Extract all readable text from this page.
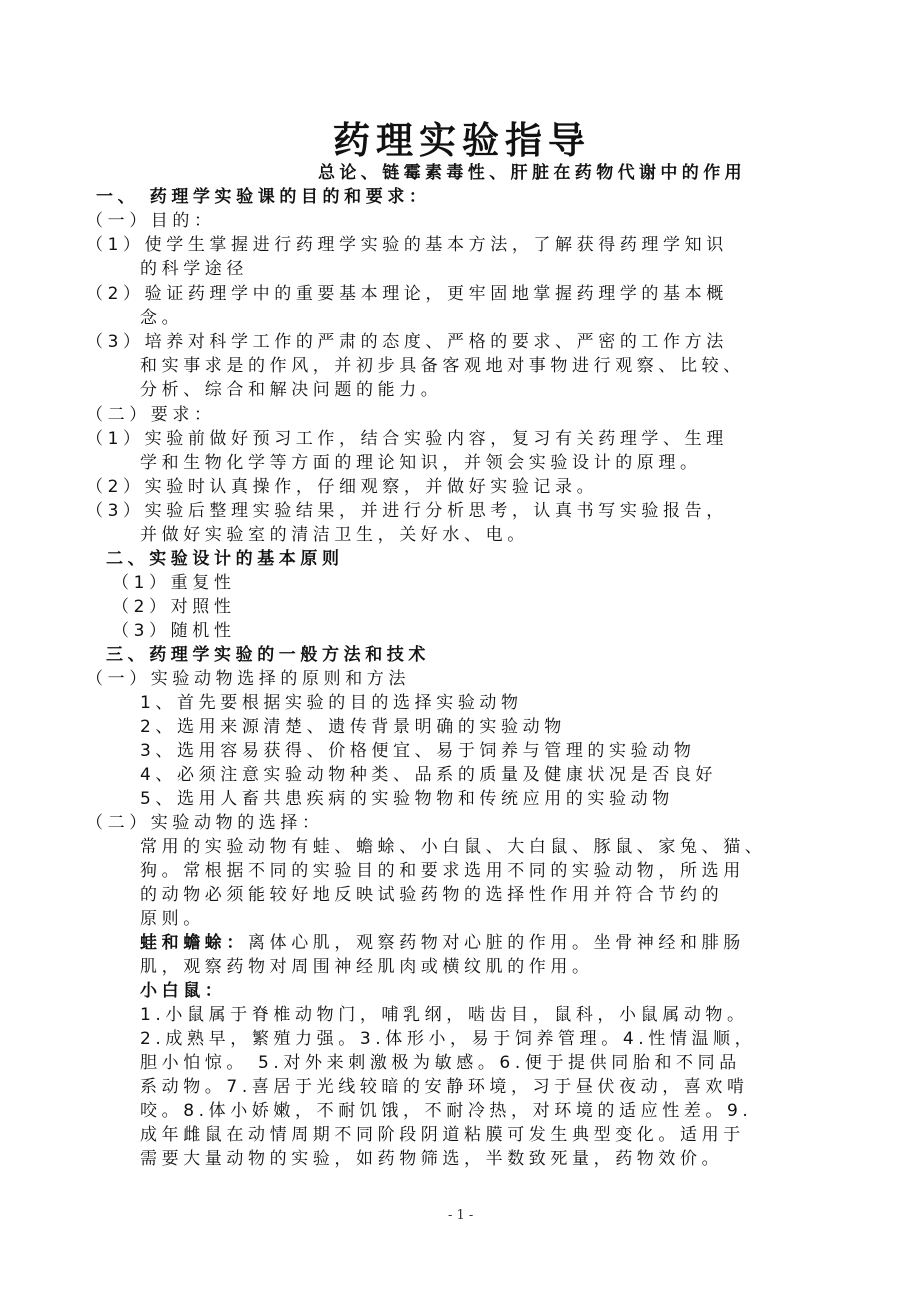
药理实验指导
总论、链霉素毒性、肝脏在药物代谢中的作用
一、 药理学实验课的目的和要求：
（一）目的：
（1）使学生掌握进行药理学实验的基本方法，了解获得药理学知识
的科学途径
（2）验证药理学中的重要基本理论，更牢固地掌握药理学的基本概
念。
（3）培养对科学工作的严肃的态度、严格的要求、严密的工作方法
和实事求是的作风，并初步具备客观地对事物进行观察、比较、
分析、综合和解决问题的能力。
（二）要求：
（1）实验前做好预习工作，结合实验内容，复习有关药理学、生理
学和生物化学等方面的理论知识，并领会实验设计的原理。
（2）实验时认真操作，仔细观察，并做好实验记录。
（3）实验后整理实验结果，并进行分析思考，认真书写实验报告，
并做好实验室的清洁卫生，关好水、电。
二、实验设计的基本原则
（1）重复性
（2）对照性
（3）随机性
三、药理学实验的一般方法和技术
（一）实验动物选择的原则和方法
1、首先要根据实验的目的选择实验动物
2、选用来源清楚、遗传背景明确的实验动物
3、选用容易获得、价格便宜、易于饲养与管理的实验动物
4、必须注意实验动物种类、品系的质量及健康状况是否良好
5、选用人畜共患疾病的实验物物和传统应用的实验动物
（二）实验动物的选择：
常用的实验动物有蛙、蟾蜍、小白鼠、大白鼠、豚鼠、家兔、猫、
狗。常根据不同的实验目的和要求选用不同的实验动物，所选用
的动物必须能较好地反映试验药物的选择性作用并符合节约的
原则。
蛙和蟾蜍：离体心肌，观察药物对心脏的作用。坐骨神经和腓肠
肌，观察药物对周围神经肌肉或横纹肌的作用。
小白鼠：
1.小鼠属于脊椎动物门，哺乳纲，啮齿目，鼠科，小鼠属动物。
2.成熟早，繁殖力强。3.体形小，易于饲养管理。4.性情温顺，
胆小怕惊。 5.对外来刺激极为敏感。6.便于提供同胎和不同品
系动物。7.喜居于光线较暗的安静环境，习于昼伏夜动，喜欢啃
咬。8.体小娇嫩，不耐饥饿，不耐冷热，对环境的适应性差。9.
成年雌鼠在动情周期不同阶段阴道粘膜可发生典型变化。适用于
需要大量动物的实验，如药物筛选，半数致死量，药物效价。
- 1 -
